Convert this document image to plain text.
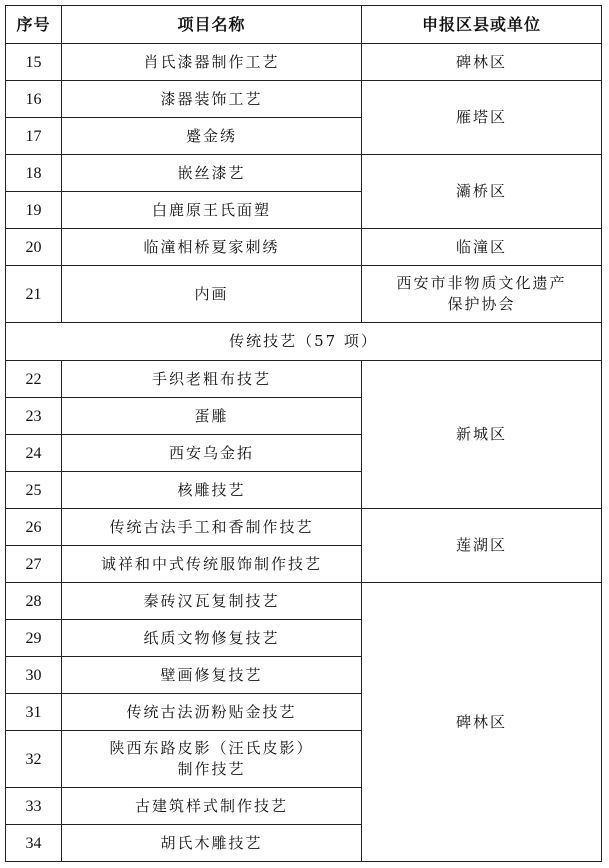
序号	项目名称	申报区县或单位
15	肖氏漆器制作工艺	碑林区
16	漆器装饰工艺	雁塔区
17	蹙金绣	
18	嵌丝漆艺	灞桥区
19	白鹿原王氏面塑	
20	临潼相桥夏家刺绣	临潼区
21	内画	西安市非物质文化遗产
保护协会

传统技艺（57 项）		
22	手织老粗布技艺	新城区
23	蛋雕	
24	西安乌金拓	
25	核雕技艺	
26	传统古法手工和香制作技艺	莲湖区
27	诚祥和中式传统服饰制作技艺	
28	秦砖汉瓦复制技艺	碑林区
29	纸质文物修复技艺	
30	壁画修复技艺	
31	传统古法沥粉贴金技艺	
32	陕西东路皮影（汪氏皮影）
制作技艺	

33	古建筑样式制作技艺	
34	胡氏木雕技艺	
